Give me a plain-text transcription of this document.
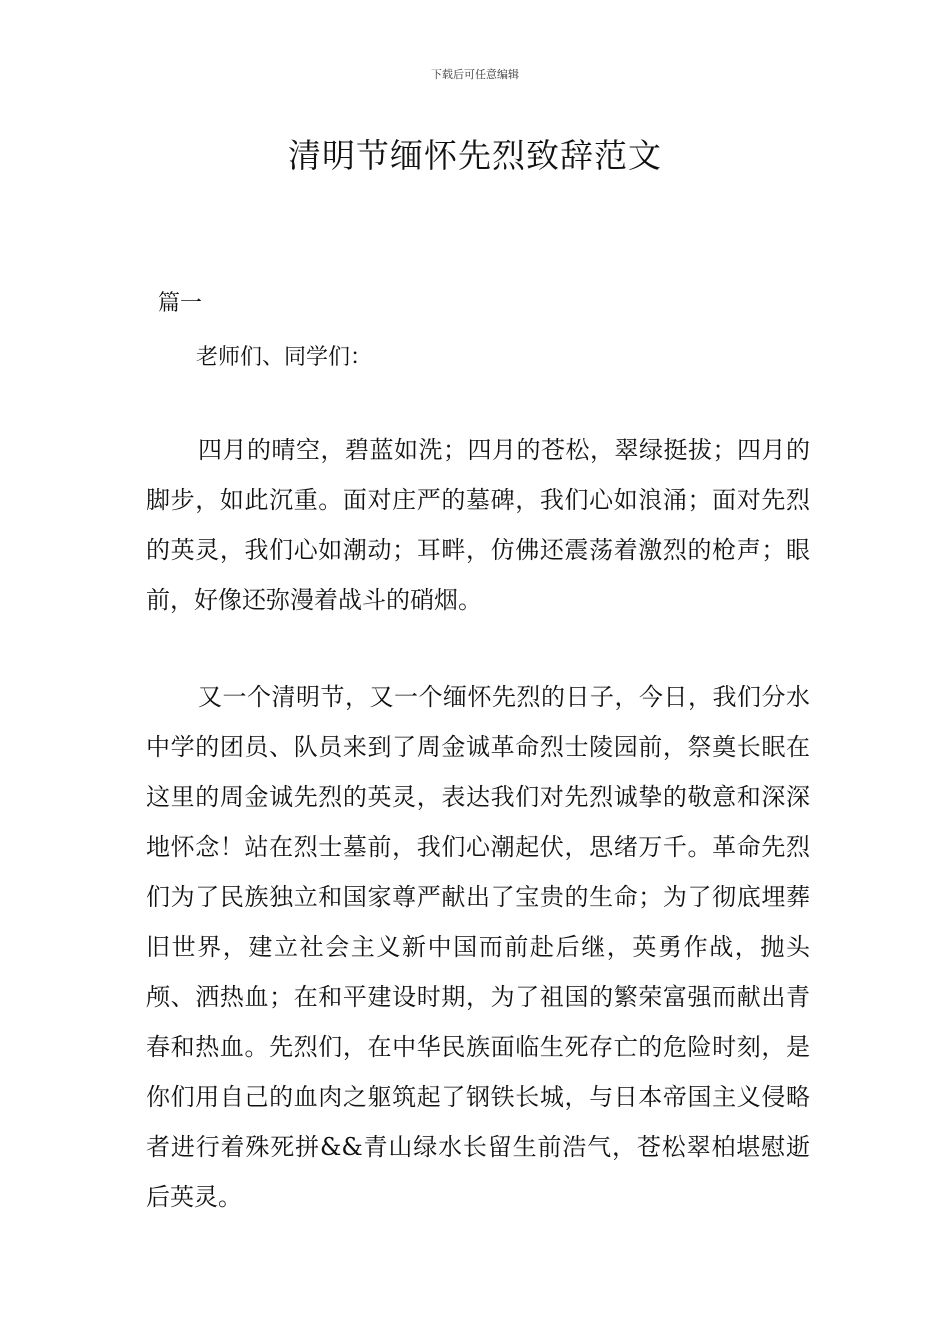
下载后可任意编辑
清明节缅怀先烈致辞范文
篇一
老师们、同学们：

四月的晴空，碧蓝如洗；四月的苍松，翠绿挺拔；四月的脚步，如此沉重。面对庄严的墓碑，我们心如浪涌；面对先烈的英灵，我们心如潮动；耳畔，仿佛还震荡着激烈的枪声；眼前，好像还弥漫着战斗的硝烟。

又一个清明节，又一个缅怀先烈的日子，今日，我们分水中学的团员、队员来到了周金诚革命烈士陵园前，祭奠长眠在这里的周金诚先烈的英灵，表达我们对先烈诚挚的敬意和深深地怀念！站在烈士墓前，我们心潮起伏，思绪万千。革命先烈们为了民族独立和国家尊严献出了宝贵的生命；为了彻底埋葬旧世界，建立社会主义新中国而前赴后继，英勇作战，抛头颅、洒热血；在和平建设时期，为了祖国的繁荣富强而献出青春和热血。先烈们，在中华民族面临生死存亡的危险时刻，是你们用自己的血肉之躯筑起了钢铁长城，与日本帝国主义侵略者进行着殊死拼&&青山绿水长留生前浩气，苍松翠柏堪慰逝后英灵。
